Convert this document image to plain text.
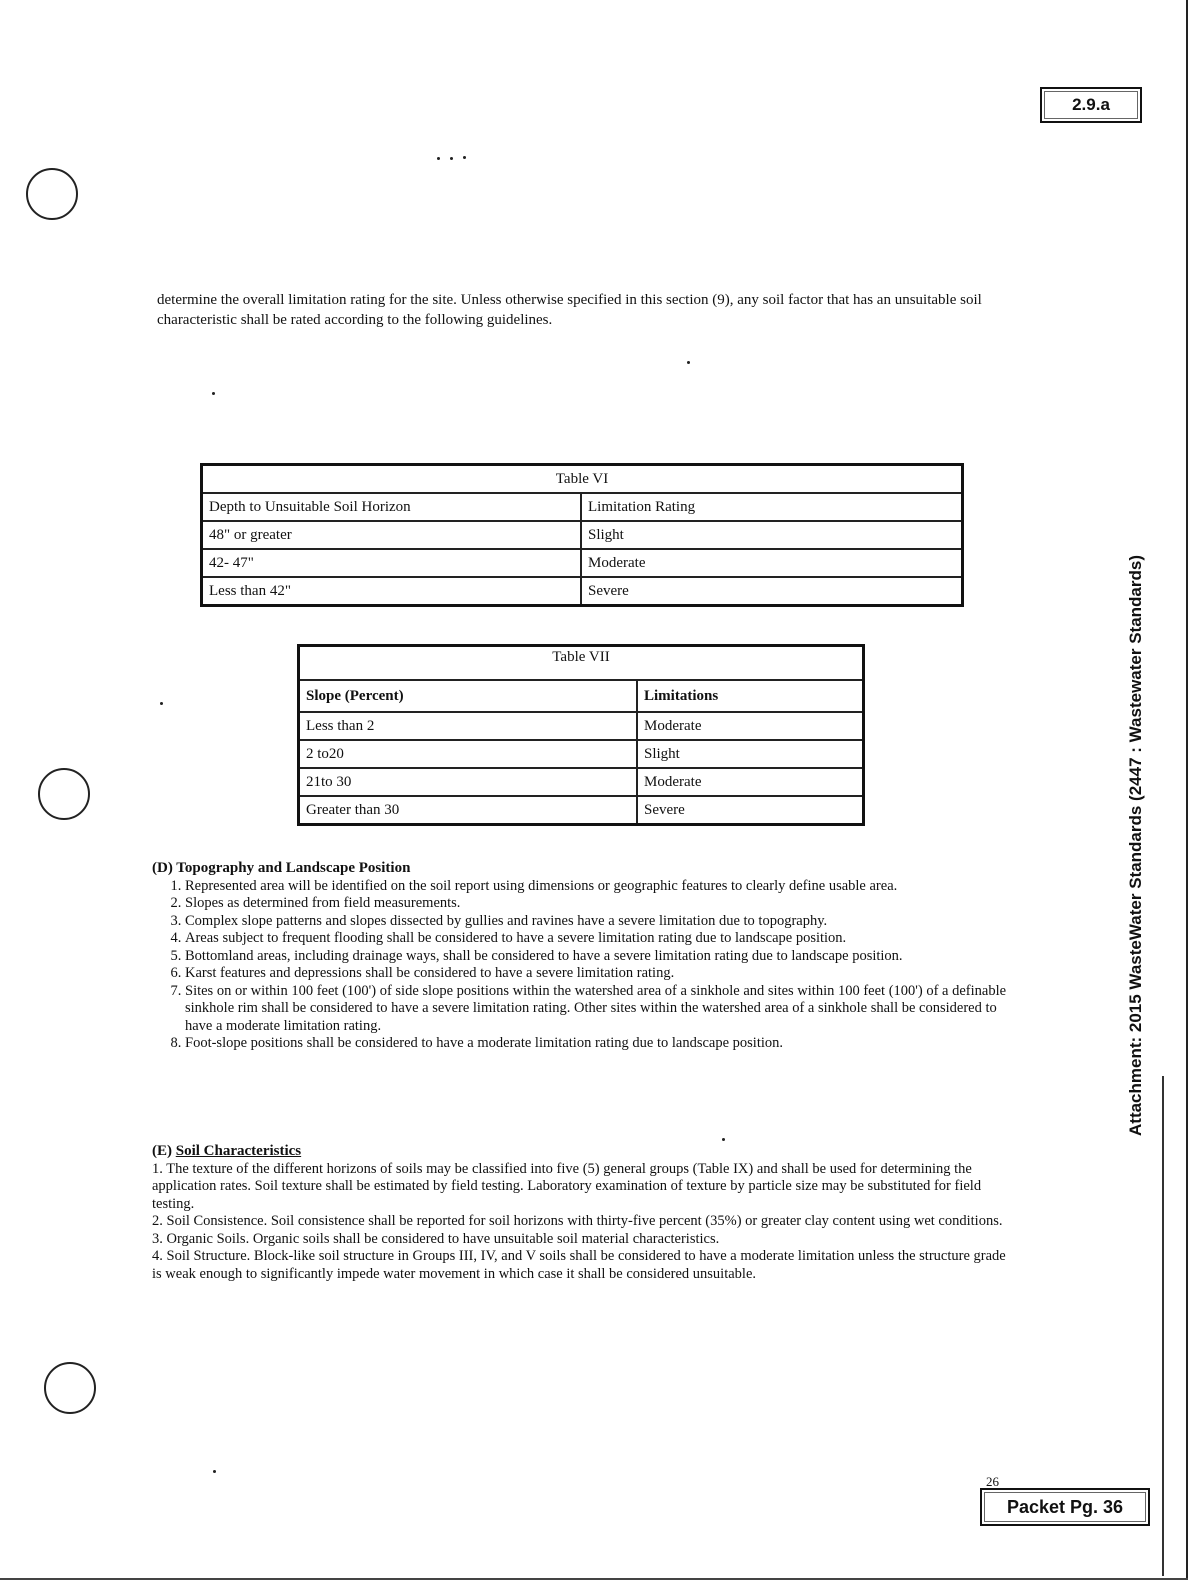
2.9.a

determine the overall limitation rating for the site. Unless otherwise specified in this section (9), any soil factor that has an unsuitable soil characteristic shall be rated according to the following guidelines.

Table VI	
Depth to Unsuitable Soil Horizon	Limitation Rating
48" or greater	Slight
42- 47"	Moderate
Less than 42"	Severe
Table VII	
Slope (Percent)	Limitations
Less than 2	Moderate
2 to20	Slight
21to 30	Moderate
Greater than 30	Severe
(D) Topography and Landscape Position
1. Represented area will be identified on the soil report using dimensions or geographic features to clearly define usable area.
2. Slopes as determined from field measurements.
3. Complex slope patterns and slopes dissected by gullies and ravines have a severe limitation due to topography.
4. Areas subject to frequent flooding shall be considered to have a severe limitation rating due to landscape position.
5. Bottomland areas, including drainage ways, shall be considered to have a severe limitation rating due to landscape position.
6. Karst features and depressions shall be considered to have a severe limitation rating.
7. Sites on or within 100 feet (100') of side slope positions within the watershed area of a sinkhole and sites within 100 feet (100') of a definable sinkhole rim shall be considered to have a severe limitation rating. Other sites within the watershed area of a sinkhole shall be considered to have a moderate limitation rating.
8. Foot-slope positions shall be considered to have a moderate limitation rating due to landscape position.
(E) Soil Characteristics

1. The texture of the different horizons of soils may be classified into five (5) general groups (Table IX) and shall be used for determining the application rates. Soil texture shall be estimated by field testing. Laboratory examination of texture by particle size may be substituted for field testing.

2. Soil Consistence. Soil consistence shall be reported for soil horizons with thirty-five percent (35%) or greater clay content using wet conditions.

3. Organic Soils. Organic soils shall be considered to have unsuitable soil material characteristics.

4. Soil Structure. Block-like soil structure in Groups III, IV, and V soils shall be considered to have a moderate limitation unless the structure grade is weak enough to significantly impede water movement in which case it shall be considered unsuitable.

Attachment: 2015 WasteWater Standards (2447 : Wastewater Standards)
26
Packet Pg. 36
